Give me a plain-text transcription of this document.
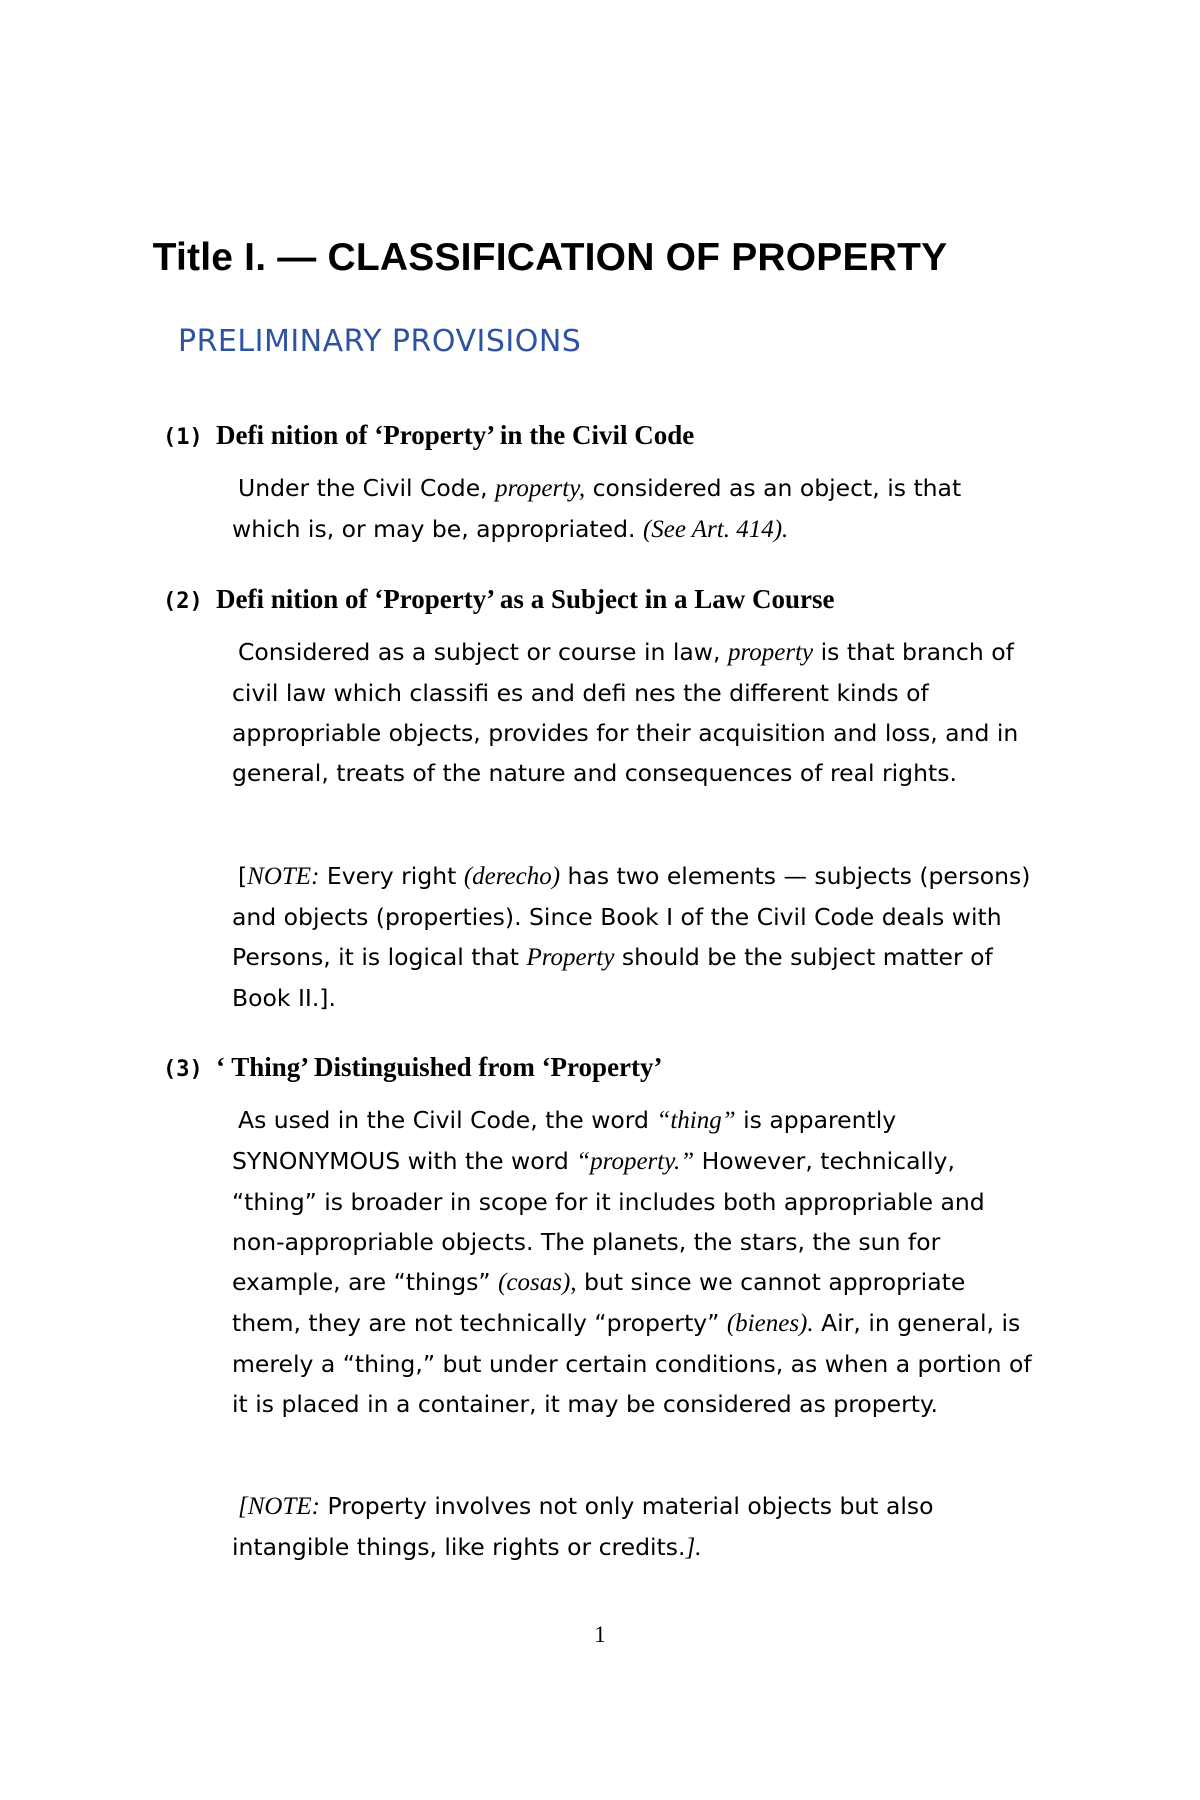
Title I. — CLASSIFICATION OF PROPERTY
PRELIMINARY PROVISIONS
(1) Defi nition of ‘Property’ in the Civil Code
Under the Civil Code, property, considered as an object, is that which is, or may be, appropriated. (See Art. 414).
(2) Defi nition of ‘Property’ as a Subject in a Law Course
Considered as a subject or course in law, property is that branch of civil law which classifi es and defi nes the different kinds of appropriable objects, provides for their acquisition and loss, and in general, treats of the nature and consequences of real rights.
[NOTE: Every right (derecho) has two elements — subjects (persons) and objects (properties). Since Book I of the Civil Code deals with Persons, it is logical that Property should be the subject matter of Book II.].
(3) ‘ Thing’ Distinguished from ‘Property’
As used in the Civil Code, the word “thing” is apparently SYNONYMOUS with the word “property.” However, technically, “thing” is broader in scope for it includes both appropriable and non-appropriable objects. The planets, the stars, the sun for example, are “things” (cosas), but since we cannot appropriate them, they are not technically “property” (bienes). Air, in general, is merely a “thing,” but under certain conditions, as when a portion of it is placed in a container, it may be considered as property.
[NOTE: Property involves not only material objects but also intangible things, like rights or credits.].
1
